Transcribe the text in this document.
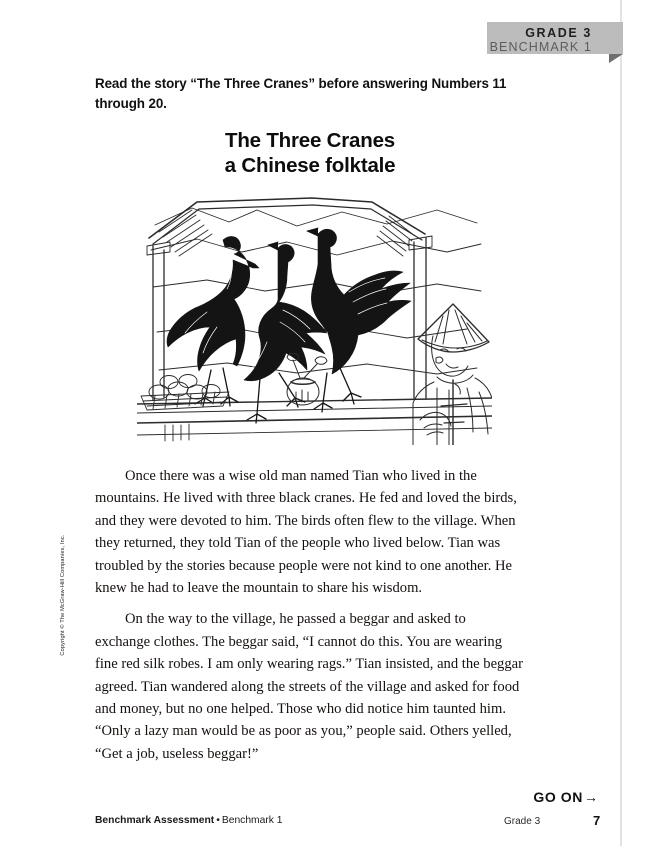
GRADE 3
BENCHMARK 1
Read the story “The Three Cranes” before answering Numbers 11 through 20.
The Three Cranes
a Chinese folktale

Once there was a wise old man named Tian who lived in the mountains. He lived with three black cranes. He fed and loved the birds, and they were devoted to him. The birds often flew to the village. When they returned, they told Tian of the people who lived below. Tian was troubled by the stories because people were not kind to one another. He knew he had to leave the mountain to share his wisdom.

On the way to the village, he passed a beggar and asked to exchange clothes. The beggar said, “I cannot do this. You are wearing fine red silk robes. I am only wearing rags.” Tian insisted, and the beggar agreed. Tian wandered along the streets of the village and asked for food and money, but no one helped. Those who did notice him taunted him. “Only a lazy man would be as poor as you,” people said. Others yelled, “Get a job, useless beggar!”

Copyright © The McGraw-Hill Companies, Inc.
GO ON→
Benchmark Assessment • Benchmark 1	Grade 3	7
